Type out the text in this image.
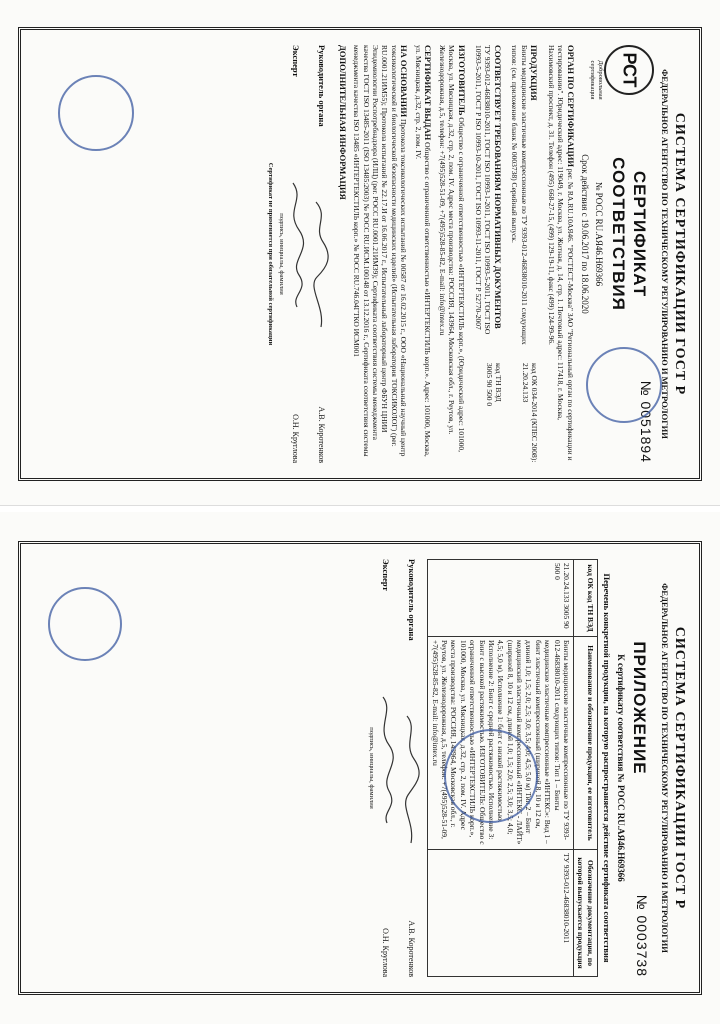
СИСТЕМА СЕРТИФИКАЦИИ ГОСТ Р
ФЕДЕРАЛЬНОЕ АГЕНТСТВО ПО ТЕХНИЧЕСКОМУ РЕГУЛИРОВАНИЮ И МЕТРОЛОГИИ
РСТ
Добровольная сертификация
СЕРТИФИКАТ СООТВЕТСТВИЯ
№ РОСС RU.АЯ46.Н69366
Срок действия с 19.06.2017 по 18.06.2020
№ 0051894
ОРГАН ПО СЕРТИФИКАЦИИ рег. № RA.RU.10АЯ46. "РОСТЕСТ-Москва" ЗАО "Региональный орган по сертификации и тестированию". Юридический адрес: 119049, г. Москва, ул. Житная, д. 14, стр. 1. Почтовый адрес: 117418, г. Москва, Нахимовский проспект, д. 31. Телефон (495) 668-27-15, (499) 129-19-11, факс (499) 124-99-96.
ПРОДУКЦИЯ
Бинты медицинские эластичные компрессионные по ТУ 9393-012-46838010-2011 следующих типов: (см. приложение бланк № 0003738) Серийный выпуск.
код ОК 034-2014 (КПЕС 2008):
21.20.24.133
СООТВЕТСТВУЕТ ТРЕБОВАНИЯМ НОРМАТИВНЫХ ДОКУМЕНТОВ
ТУ 9393-012-46838010-2011, ГОСТ ISO 10993-1-2011, ГОСТ ISO 10993-5-2011, ГОСТ ISO 10993-5-2011, ГОСТ Р ISO 10993-10-2011, ГОСТ ISO 10993-11-2011, ГОСТ Р 52770-2007
код ТН ВЭД
3005 90 500 0
ИЗГОТОВИТЕЛЬ Общество с ограниченной ответственностью «ИНТЕРТЕКСТИЛЬ корп.», (Юридический адрес: 101000, Москва, ул. Мясницкая, д.32, стр. 2, пом. IV. Адрес места производства: РОССИЯ, 143964, Московская обл., г. Реутов, ул. Железнодорожная, д.5, телефон: +7(495)528-51-09, +7(495)528-85-82, E-mail: info@intex.ru
СЕРТИФИКАТ ВЫДАН Общество с ограниченной ответственностью «ИНТЕРТЕКСТИЛЬ корп.». Адрес: 101000, Москва, ул. Мясницкая, д.32, стр. 2, пом. IV.
НА ОСНОВАНИИ Протокола токсикологических испытаний № 00587 от 16.02.2015 г., ООО «Национальный научный центр токсикологической и биологической безопасности медицинских изделий» (Испытательная лаборатория ТОКСИКОЛОГ) (рег. RU.0001.21ИМ55); Протокола испытаний № 22.17.И от 16.06.2017 г., Испытательный лабораторный центр ФБУН ЦНИИ Эпидемиологии Роспотребнадзора (ИЛЦ) (рег. РОСС RU.0001.21ИМ39); Сертификата соответствия системы менеджмента качества ГОСТ ISO 13485-2011 (ISO 13485:2003) № РОСС RU.ИСМ.100148 от 13.12.2016 г., Сертификата соответствия системы менеджмента качества ISO 13485 «ИНТЕРТЕКСТИЛЬ корп.» № POCC RU.746.04ГТКО ИСМ001
ДОПОЛНИТЕЛЬНАЯ ИНФОРМАЦИЯ
Руководитель органа
А.В. Коротенков
Эксперт
О.Н. Круглова
подпись, инициалы, фамилия
Сертификат не применяется при обязательной сертификации
СИСТЕМА СЕРТИФИКАЦИИ ГОСТ Р
ФЕДЕРАЛЬНОЕ АГЕНТСТВО ПО ТЕХНИЧЕСКОМУ РЕГУЛИРОВАНИЮ И МЕТРОЛОГИИ
ПРИЛОЖЕНИЕ
№ 0003738
К сертификату соответствия № РОСС RU.АЯ46.Н69366
Перечень конкретной продукции, на которую распространяется действие сертификата соответствия
код ОК код ТН ВЭД	Наименование и обозначение продукции, ее изготовитель	Обозначение документации, по которой выпускается продукция
21.20.24.133 3005 90 500 0	Бинты медицинские эластичные компрессионные по ТУ 9393-012-46838010-2011 следующих типов: Тип 1 – Бинты медицинские эластичные компрессионные «ИНТЕКС»: Вид 1 – бинт эластичный компрессионный (шириной 8, 10 и 12 см, длиной 1,0; 1,5; 2,0; 2,5; 3,0; 3,5; 4,0; 4,5; 5,0 м) Тип 2 – Бинт медицинский эластичный компрессионный «ИНТЕКС - ЛАЙТ» (шириной 8, 10 и 12 см, длиной 1,0; 1,5; 2,0; 2,5; 3,0; 3,5; 4,0; 4,5; 5,0 м). Исполнение 1: бинт с низкой растяжимостью. Исполнение 2: Бинт с средней растяжимостью. Исполнение 3: Бинт с высокой растяжимостью. ИЗГОТОВИТЕЛЬ: Общество с ограниченной ответственностью «ИНТЕРТЕКСТИЛЬ корп.», 101000, Москва, ул. Мясницкая, д.32, стр. 2, пом. IV. Адрес места производства: РОССИЯ, 143964, Московская обл., г. Реутов, ул. Железнодорожная, д.5, телефон: +7(495)528-51-09, +7(495)528-85-82, E-mail: info@intex.ru	ТУ 9393-012-46838010-2011
Руководитель органа
А.В. Коротенков
Эксперт
О.Н. Круглова
подпись, инициалы, фамилия
